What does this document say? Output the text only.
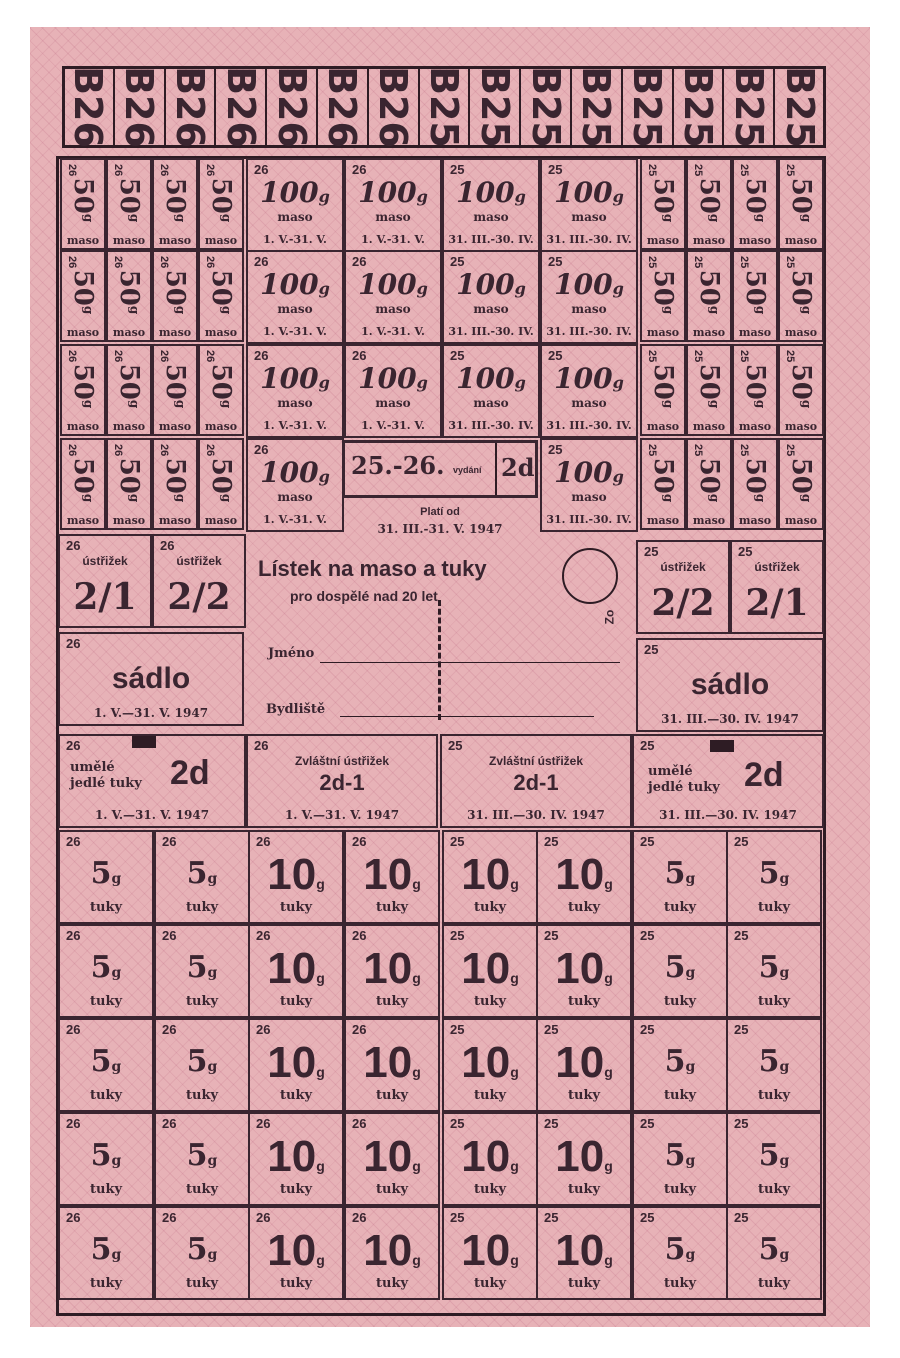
B26 B26 B26 B26 B26 B26 B26 B25 B25 B25 B25 B25 B25 B25 B25
26
50$^g$
maso
25
50$^g$
maso
26
50$^g$
maso
25
50$^g$
maso
26
50$^g$
maso
25
50$^g$
maso
26
50$^g$
maso
25
50$^g$
maso
26
100g
maso
1. V.-31. V.
26
100g
maso
1. V.-31. V.
25
100g
maso
31. III.-30. IV.
25
100g
maso
31. III.-30. IV.
26
50$^g$
maso
25
50$^g$
maso
26
50$^g$
maso
25
50$^g$
maso
26
50$^g$
maso
25
50$^g$
maso
26
50$^g$
maso
25
50$^g$
maso
26
100g
maso
1. V.-31. V.
26
100g
maso
1. V.-31. V.
25
100g
maso
31. III.-30. IV.
25
100g
maso
31. III.-30. IV.
26
50$^g$
maso
25
50$^g$
maso
26
50$^g$
maso
25
50$^g$
maso
26
50$^g$
maso
25
50$^g$
maso
26
50$^g$
maso
25
50$^g$
maso
26
100g
maso
1. V.-31. V.
26
100g
maso
1. V.-31. V.
25
100g
maso
31. III.-30. IV.
25
100g
maso
31. III.-30. IV.
26
50$^g$
maso
25
50$^g$
maso
26
50$^g$
maso
25
50$^g$
maso
26
50$^g$
maso
25
50$^g$
maso
26
50$^g$
maso
25
50$^g$
maso
26
100g
maso
1. V.-31. V.
25
100g
maso
31. III.-30. IV.
25.-26. vydání 2d
Platí od
31. III.-31. V. 1947
26
ústřižek
2/1
26
ústřižek
2/2
25
ústřižek
2/2
25
ústřižek
2/1
Lístek na maso a tuky
pro dospělé nad 20 let
Zo
Jméno
Bydliště
26
sádlo
1. V.—31. V. 1947
25
sádlo
31. III.—30. IV. 1947
26
umělé
jedlé tuky 2d
1. V.—31. V. 1947
26
Zvláštní ústřižek
2d-1
1. V.—31. V. 1947
25
Zvláštní ústřižek
2d-1
31. III.—30. IV. 1947
25
umělé
jedlé tuky 2d
31. III.—30. IV. 1947
26
5g
tuky
26
5g
tuky
26
10g
tuky
26
10g
tuky
25
10g
tuky
25
10g
tuky
25
5g
tuky
25
5g
tuky
26
5g
tuky
26
5g
tuky
26
10g
tuky
26
10g
tuky
25
10g
tuky
25
10g
tuky
25
5g
tuky
25
5g
tuky
26
5g
tuky
26
5g
tuky
26
10g
tuky
26
10g
tuky
25
10g
tuky
25
10g
tuky
25
5g
tuky
25
5g
tuky
26
5g
tuky
26
5g
tuky
26
10g
tuky
26
10g
tuky
25
10g
tuky
25
10g
tuky
25
5g
tuky
25
5g
tuky
26
5g
tuky
26
5g
tuky
26
10g
tuky
26
10g
tuky
25
10g
tuky
25
10g
tuky
25
5g
tuky
25
5g
tuky
